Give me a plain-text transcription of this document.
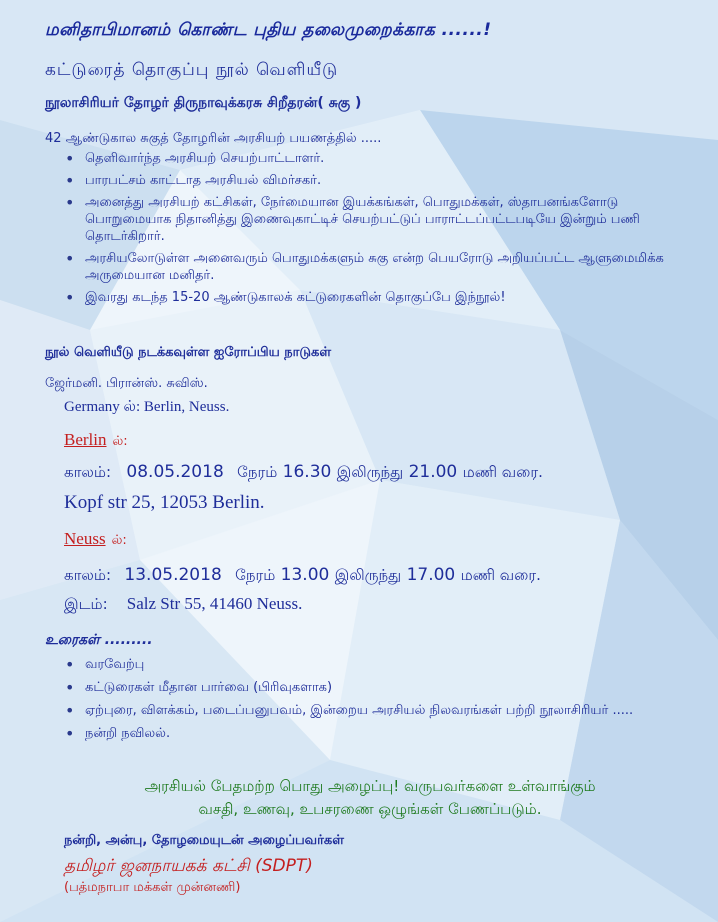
மனிதாபிமானம் கொண்ட புதிய தலைமுறைக்காக ......!
கட்டுரைத் தொகுப்பு நூல் வெளியீடு
நூலாசிரியர் தோழர் திருநாவுக்கரசு சிறீதரன்( சுகு )
42 ஆண்டுகால சுகுத் தோழரின் அரசியற் பயணத்தில் .....
• தெளிவார்ந்த அரசியற் செயற்பாட்டாளர்.
• பாரபட்சம் காட்டாத அரசியல் விமர்சகர்.
• அனைத்து அரசியற் கட்சிகள், நேர்மையான இயக்கங்கள், பொதுமக்கள், ஸ்தாபனங்களோடு பொறுமையாக நிதானித்து இணைவுகாட்டிச் செயற்பட்டுப் பாராட்டப்பட்டபடியே இன்றும் பணி தொடர்கிறார்.
• அரசியலோடுள்ள அனைவரும் பொதுமக்களும் சுகு என்ற பெயரோடு அறியப்பட்ட ஆளுமைமிக்க அருமையான மனிதர்.
• இவரது கடந்த 15-20 ஆண்டுகாலக் கட்டுரைகளின் தொகுப்பே இந்நூல்!
நூல் வெளியீடு நடக்கவுள்ள ஐரோப்பிய நாடுகள்
ஜேர்மனி. பிரான்ஸ். சுவிஸ்.
Germany ல்: Berlin, Neuss.
Berlin ல்:
காலம்: 08.05.2018 நேரம் 16.30 இலிருந்து 21.00 மணி வரை.
Kopf str 25, 12053 Berlin.
Neuss ல்:
காலம்: 13.05.2018 நேரம் 13.00 இலிருந்து 17.00 மணி வரை.
இடம்: Salz Str 55, 41460 Neuss.
உரைகள் .........
• வரவேற்பு
• கட்டுரைகள் மீதான பார்வை (பிரிவுகளாக)
• ஏற்புரை, விளக்கம், படைப்பனுபவம், இன்றைய அரசியல் நிலவரங்கள் பற்றி நூலாசிரியர் .....
• நன்றி நவிலல்.
அரசியல் பேதமற்ற பொது அழைப்பு! வருபவர்களை உள்வாங்கும்
வசதி, உணவு, உபசரணை ஒழுங்கள் பேணப்படும்.
நன்றி, அன்பு, தோழமையுடன் அழைப்பவர்கள்
தமிழர் ஜனநாயகக் கட்சி (SDPT)
(பத்மநாபா மக்கள் முன்னணி)
